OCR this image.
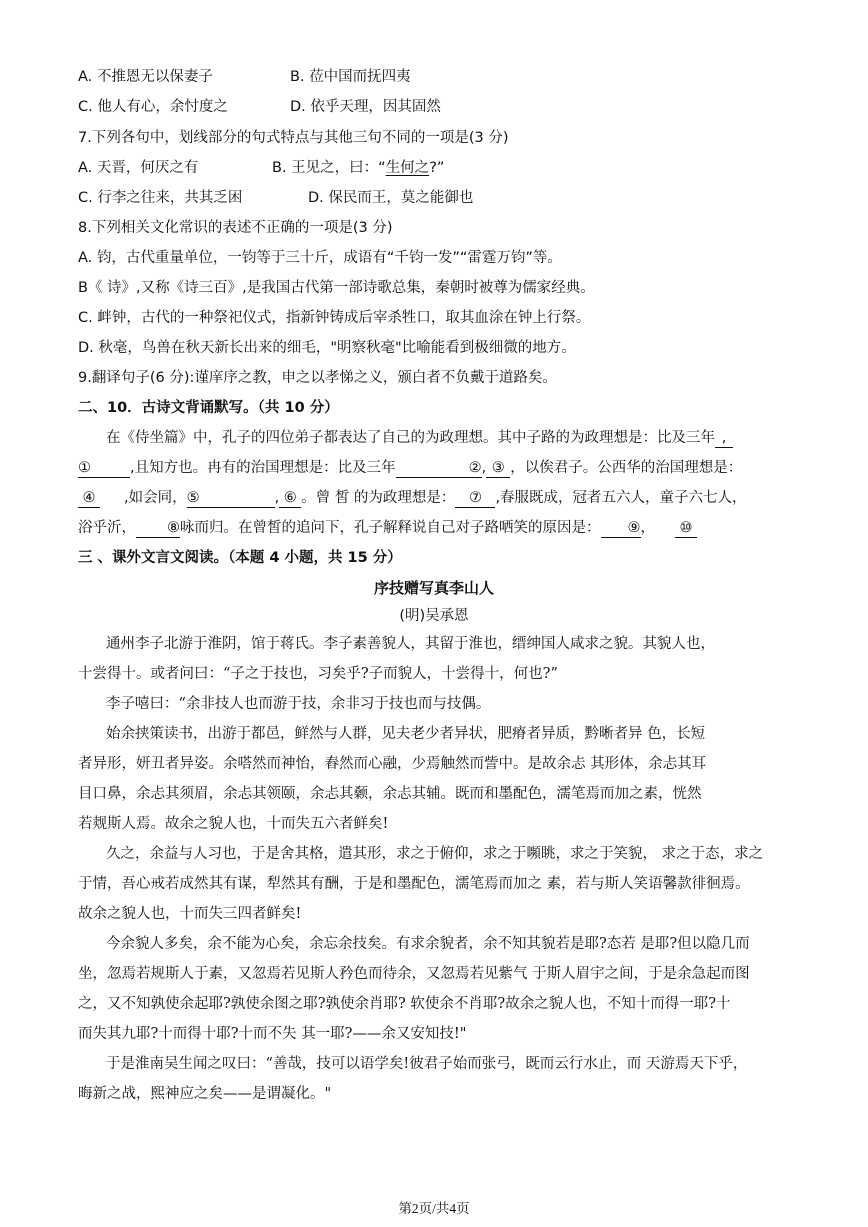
A. 不推恩无以保妻子	B. 莅中国而抚四夷
C. 他人有心，余忖度之	D. 依乎天理，因其固然
7.下列各句中，划线部分的句式特点与其他三句不同的一项是(3 分)
A. 天晋，何厌之有	B. 王见之，曰：“生何之?”
C. 行李之往来，共其乏困	D. 保民而王，莫之能御也
8.下列相关文化常识的表述不正确的一项是(3 分)
A. 钧，古代重量单位，一钧等于三十斤，成语有“千钧一发”“雷霆万钧”等。
B《 诗》,又称《诗三百》,是我国古代第一部诗歌总集，秦朝时被尊为儒家经典。
C. 衅钟，古代的一种祭祀仪式，指新钟铸成后宰杀牲口，取其血涂在钟上行祭。
D. 秋毫，鸟兽在秋天新长出来的细毛，"明察秋毫"比喻能看到极细微的地方。
9.翻译句子(6 分):谨庠序之教，申之以孝悌之义，颁白者不负戴于道路矣。
二、10．古诗文背诵默写。（共 10 分）
在《侍坐篇》中，孔子的四位弟子都表达了自己的为政理想。其中子路的为政理想是：比及三年 ,
①	,且知方也。冉有的治国理想是：比及三年	②, ③ ，以俟君子。公西华的治国理想是：
④ ,如会同，⑤	, ⑥ 。曾 皙 的为政理想是： ⑦ ,春服既成，冠者五六人，童子六七人，
浴乎沂， ⑧咏而归。在曾皙的追问下，孔子解释说自己对子路哂笑的原因是： ⑨， ⑩
三 、课外文言文阅读。（本题 4 小题，共 15 分）
序技赠写真李山人
(明)吴承恩
通州李子北游于淮阴，馆于蒋氏。李子素善貌人，其留于淮也，缙绅国人咸求之貌。其貌人也，
十尝得十。或者问曰：“子之于技也，习矣乎?子而貌人，十尝得十，何也?”
李子嘻曰：“余非技人也而游于技，余非习于技也而与技偶。
始余挟策读书，出游于都邑，鲜然与人群，见夫老少者异状，肥瘠者异质，黔晰者异 色，长短
者异形，妍丑者异姿。余嗒然而神怡，舂然而心融，少焉触然而訾中。是故余忐 其形体，余忐其耳
目口鼻，余忐其须眉，余忐其领颐，余忐其颡，余忐其辅。既而和墨配色，濡笔焉而加之素，恍然
若觌斯人焉。故余之貌人也，十而失五六者鲜矣!
久之，余益与人习也，于是舍其格，遣其形，求之于俯仰，求之于嚬眺，求之于笑貌， 求之于态，求之
于情，吾心戒若成然其有谋，犁然其有酬，于是和墨配色，濡笔焉而加之 素，若与斯人笑语馨款徘徊焉。
故余之貌人也，十而失三四者鲜矣!
今余貌人多矣，余不能为心矣，余忘余技矣。有求余貌者，余不知其貌若是耶?态若 是耶?但以隐几而
坐，忽焉若规斯人于素，又忽焉若见斯人矜色而待余，又忽焉若见紫气 于斯人眉宇之间，于是余急起而图
之，又不知孰使余起耶?孰使余图之耶?孰使余肖耶? 软使余不肖耶?故余之貌人也，不知十而得一耶?十
而失其九耶?十而得十耶?十而不失 其一耶?——余又安知技!"
于是淮南吴生闻之叹曰：“善哉，技可以语学矣!彼君子始而张弓，既而云行水止，而 天游焉天下乎，
晦新之战，熙神应之矣——是谓凝化。"
第2页/共4页
